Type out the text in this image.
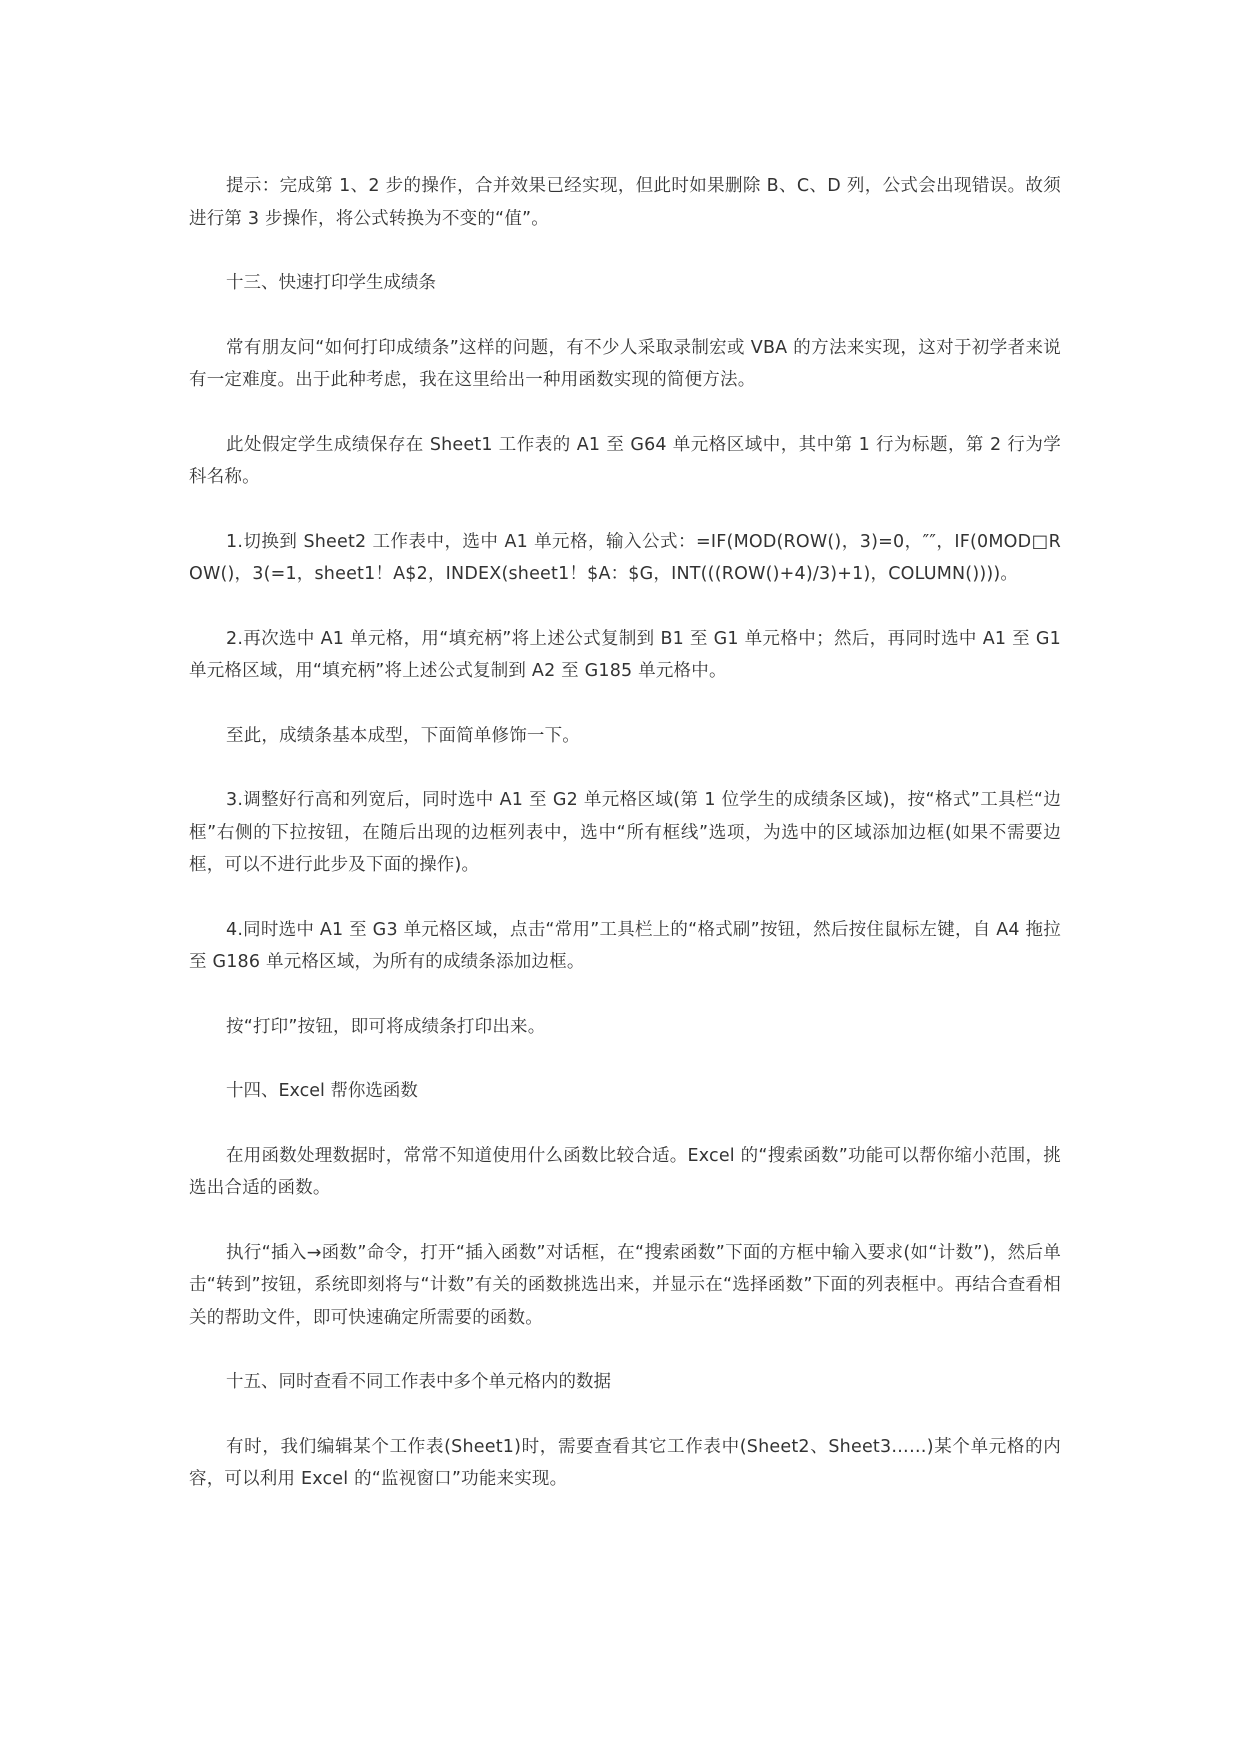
提示：完成第 1、2 步的操作，合并效果已经实现，但此时如果删除 B、C、D 列，公式会出现错误。故须进行第 3 步操作，将公式转换为不变的“值”。

十三、快速打印学生成绩条

常有朋友问“如何打印成绩条”这样的问题，有不少人采取录制宏或 VBA 的方法来实现，这对于初学者来说有一定难度。出于此种考虑，我在这里给出一种用函数实现的简便方法。

此处假定学生成绩保存在 Sheet1 工作表的 A1 至 G64 单元格区域中，其中第 1 行为标题，第 2 行为学科名称。

1.切换到 Sheet2 工作表中，选中 A1 单元格，输入公式：=IF(MOD(ROW()，3)=0，″″，IF(0MOD□ROW()，3(=1，sheet1！A$2，INDEX(sheet1！$A：$G，INT(((ROW()+4)/3)+1)，COLUMN())))。

2.再次选中 A1 单元格，用“填充柄”将上述公式复制到 B1 至 G1 单元格中；然后，再同时选中 A1 至 G1 单元格区域，用“填充柄”将上述公式复制到 A2 至 G185 单元格中。

至此，成绩条基本成型，下面简单修饰一下。

3.调整好行高和列宽后，同时选中 A1 至 G2 单元格区域(第 1 位学生的成绩条区域)，按“格式”工具栏“边框”右侧的下拉按钮，在随后出现的边框列表中，选中“所有框线”选项，为选中的区域添加边框(如果不需要边框，可以不进行此步及下面的操作)。

4.同时选中 A1 至 G3 单元格区域，点击“常用”工具栏上的“格式刷”按钮，然后按住鼠标左键，自 A4 拖拉至 G186 单元格区域，为所有的成绩条添加边框。

按“打印”按钮，即可将成绩条打印出来。

十四、Excel 帮你选函数

在用函数处理数据时，常常不知道使用什么函数比较合适。Excel 的“搜索函数”功能可以帮你缩小范围，挑选出合适的函数。

执行“插入→函数”命令，打开“插入函数”对话框，在“搜索函数”下面的方框中输入要求(如“计数”)，然后单击“转到”按钮，系统即刻将与“计数”有关的函数挑选出来，并显示在“选择函数”下面的列表框中。再结合查看相关的帮助文件，即可快速确定所需要的函数。

十五、同时查看不同工作表中多个单元格内的数据

有时，我们编辑某个工作表(Sheet1)时，需要查看其它工作表中(Sheet2、Sheet3……)某个单元格的内容，可以利用 Excel 的“监视窗口”功能来实现。
